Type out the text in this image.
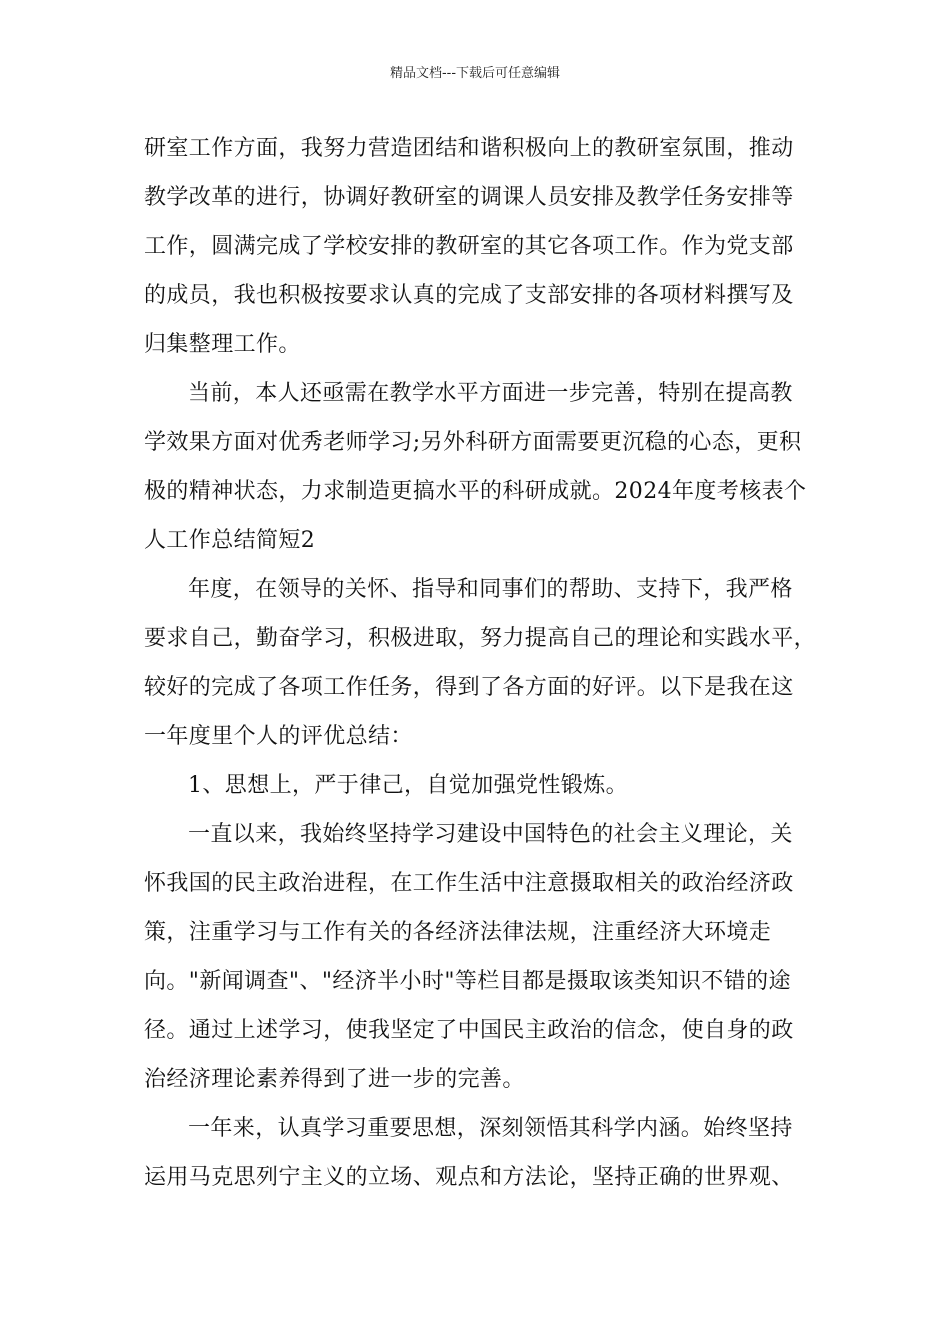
精品文档---下载后可任意编辑

研室工作方面，我努力营造团结和谐积极向上的教研室氛围，推动
教学改革的进行，协调好教研室的调课人员安排及教学任务安排等
工作，圆满完成了学校安排的教研室的其它各项工作。作为党支部
的成员，我也积极按要求认真的完成了支部安排的各项材料撰写及
归集整理工作。

当前，本人还亟需在教学水平方面进一步完善，特别在提高教
学效果方面对优秀老师学习;另外科研方面需要更沉稳的心态，更积
极的精神状态，力求制造更搞水平的科研成就。2024年度考核表个
人工作总结简短2

年度，在领导的关怀、指导和同事们的帮助、支持下，我严格
要求自己，勤奋学习，积极进取，努力提高自己的理论和实践水平，
较好的完成了各项工作任务，得到了各方面的好评。以下是我在这
一年度里个人的评优总结：

1、思想上，严于律己，自觉加强党性锻炼。

一直以来，我始终坚持学习建设中国特色的社会主义理论，关
怀我国的民主政治进程，在工作生活中注意摄取相关的政治经济政
策，注重学习与工作有关的各经济法律法规，注重经济大环境走
向。"新闻调查"、"经济半小时"等栏目都是摄取该类知识不错的途
径。通过上述学习，使我坚定了中国民主政治的信念，使自身的政
治经济理论素养得到了进一步的完善。

一年来，认真学习重要思想，深刻领悟其科学内涵。始终坚持
运用马克思列宁主义的立场、观点和方法论，坚持正确的世界观、
